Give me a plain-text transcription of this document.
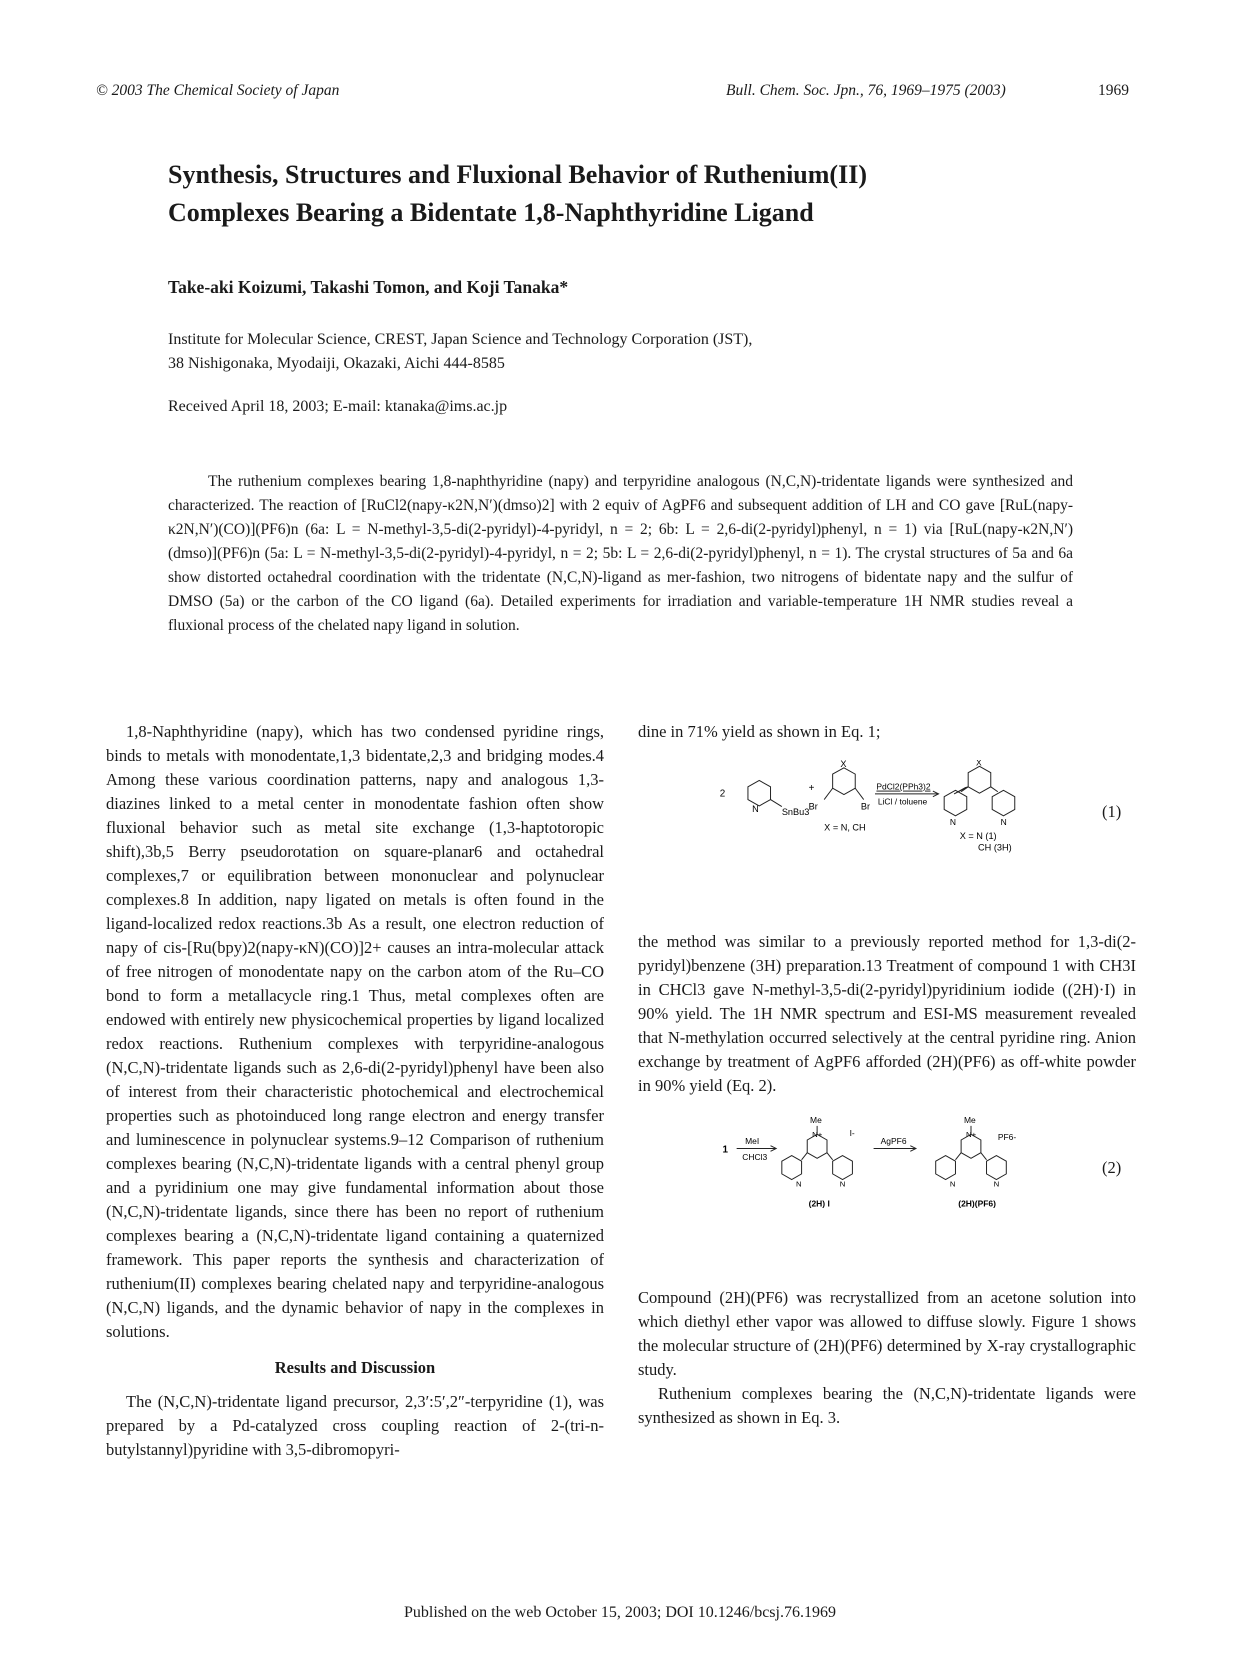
© 2003 The Chemical Society of Japan	Bull. Chem. Soc. Jpn., 76, 1969–1975 (2003)	1969
Synthesis, Structures and Fluxional Behavior of Ruthenium(II)
Complexes Bearing a Bidentate 1,8-Naphthyridine Ligand
Take-aki Koizumi, Takashi Tomon, and Koji Tanaka*
Institute for Molecular Science, CREST, Japan Science and Technology Corporation (JST),
38 Nishigonaka, Myodaiji, Okazaki, Aichi 444-8585
Received April 18, 2003; E-mail: ktanaka@ims.ac.jp
The ruthenium complexes bearing 1,8-naphthyridine (napy) and terpyridine analogous (N,C,N)-tridentate ligands were synthesized and characterized. The reaction of [RuCl2(napy-κ2N,N′)(dmso)2] with 2 equiv of AgPF6 and subsequent addition of LH and CO gave [RuL(napy-κ2N,N′)(CO)](PF6)n (6a: L = N-methyl-3,5-di(2-pyridyl)-4-pyridyl, n = 2; 6b: L = 2,6-di(2-pyridyl)phenyl, n = 1) via [RuL(napy-κ2N,N′)(dmso)](PF6)n (5a: L = N-methyl-3,5-di(2-pyridyl)-4-pyridyl, n = 2; 5b: L = 2,6-di(2-pyridyl)phenyl, n = 1). The crystal structures of 5a and 6a show distorted octahedral coordination with the tridentate (N,C,N)-ligand as mer-fashion, two nitrogens of bidentate napy and the sulfur of DMSO (5a) or the carbon of the CO ligand (6a). Detailed experiments for irradiation and variable-temperature 1H NMR studies reveal a fluxional process of the chelated napy ligand in solution.

1,8-Naphthyridine (napy), which has two condensed pyridine rings, binds to metals with monodentate,1,3 bidentate,2,3 and bridging modes.4 Among these various coordination patterns, napy and analogous 1,3-diazines linked to a metal center in monodentate fashion often show fluxional behavior such as metal site exchange (1,3-haptotoropic shift),3b,5 Berry pseudorotation on square-planar6 and octahedral complexes,7 or equilibration between mononuclear and polynuclear complexes.8 In addition, napy ligated on metals is often found in the ligand-localized redox reactions.3b As a result, one electron reduction of napy of cis-[Ru(bpy)2(napy-κN)(CO)]2+ causes an intra-molecular attack of free nitrogen of monodentate napy on the carbon atom of the Ru–CO bond to form a metallacycle ring.1 Thus, metal complexes often are endowed with entirely new physicochemical properties by ligand localized redox reactions. Ruthenium complexes with terpyridine-analogous (N,C,N)-tridentate ligands such as 2,6-di(2-pyridyl)phenyl have been also of interest from their characteristic photochemical and electrochemical properties such as photoinduced long range electron and energy transfer and luminescence in polynuclear systems.9–12 Comparison of ruthenium complexes bearing (N,C,N)-tridentate ligands with a central phenyl group and a pyridinium one may give fundamental information about those (N,C,N)-tridentate ligands, since there has been no report of ruthenium complexes bearing a (N,C,N)-tridentate ligand containing a quaternized framework. This paper reports the synthesis and characterization of ruthenium(II) complexes bearing chelated napy and terpyridine-analogous (N,C,N) ligands, and the dynamic behavior of napy in the complexes in solutions.

Results and Discussion

The (N,C,N)-tridentate ligand precursor, 2,3′:5′,2″-terpyridine (1), was prepared by a Pd-catalyzed cross coupling reaction of 2-(tri-n-butylstannyl)pyridine with 3,5-dibromopyri-

dine in 71% yield as shown in Eq. 1;

2
N SnBu3
+
X
Br	Br
X = N, CH
PdCl2(PPh3)2
LiCl / toluene
X
N	N
X = N (1)
CH (3H)
(1)

the method was similar to a previously reported method for 1,3-di(2-pyridyl)benzene (3H) preparation.13 Treatment of compound 1 with CH3I in CHCl3 gave N-methyl-3,5-di(2-pyridyl)pyridinium iodide ((2H)·I) in 90% yield. The 1H NMR spectrum and ESI-MS measurement revealed that N-methylation occurred selectively at the central pyridine ring. Anion exchange by treatment of AgPF6 afforded (2H)(PF6) as off-white powder in 90% yield (Eq. 2).

1
MeI
CHCl3
Me
N+ I-
N	N
AgPF6
Me
N+ PF6-
N	N
(2H) I	(2H)(PF6)
(2)

Compound (2H)(PF6) was recrystallized from an acetone solution into which diethyl ether vapor was allowed to diffuse slowly. Figure 1 shows the molecular structure of (2H)(PF6) determined by X-ray crystallographic study.

Ruthenium complexes bearing the (N,C,N)-tridentate ligands were synthesized as shown in Eq. 3.

Published on the web October 15, 2003; DOI 10.1246/bcsj.76.1969
